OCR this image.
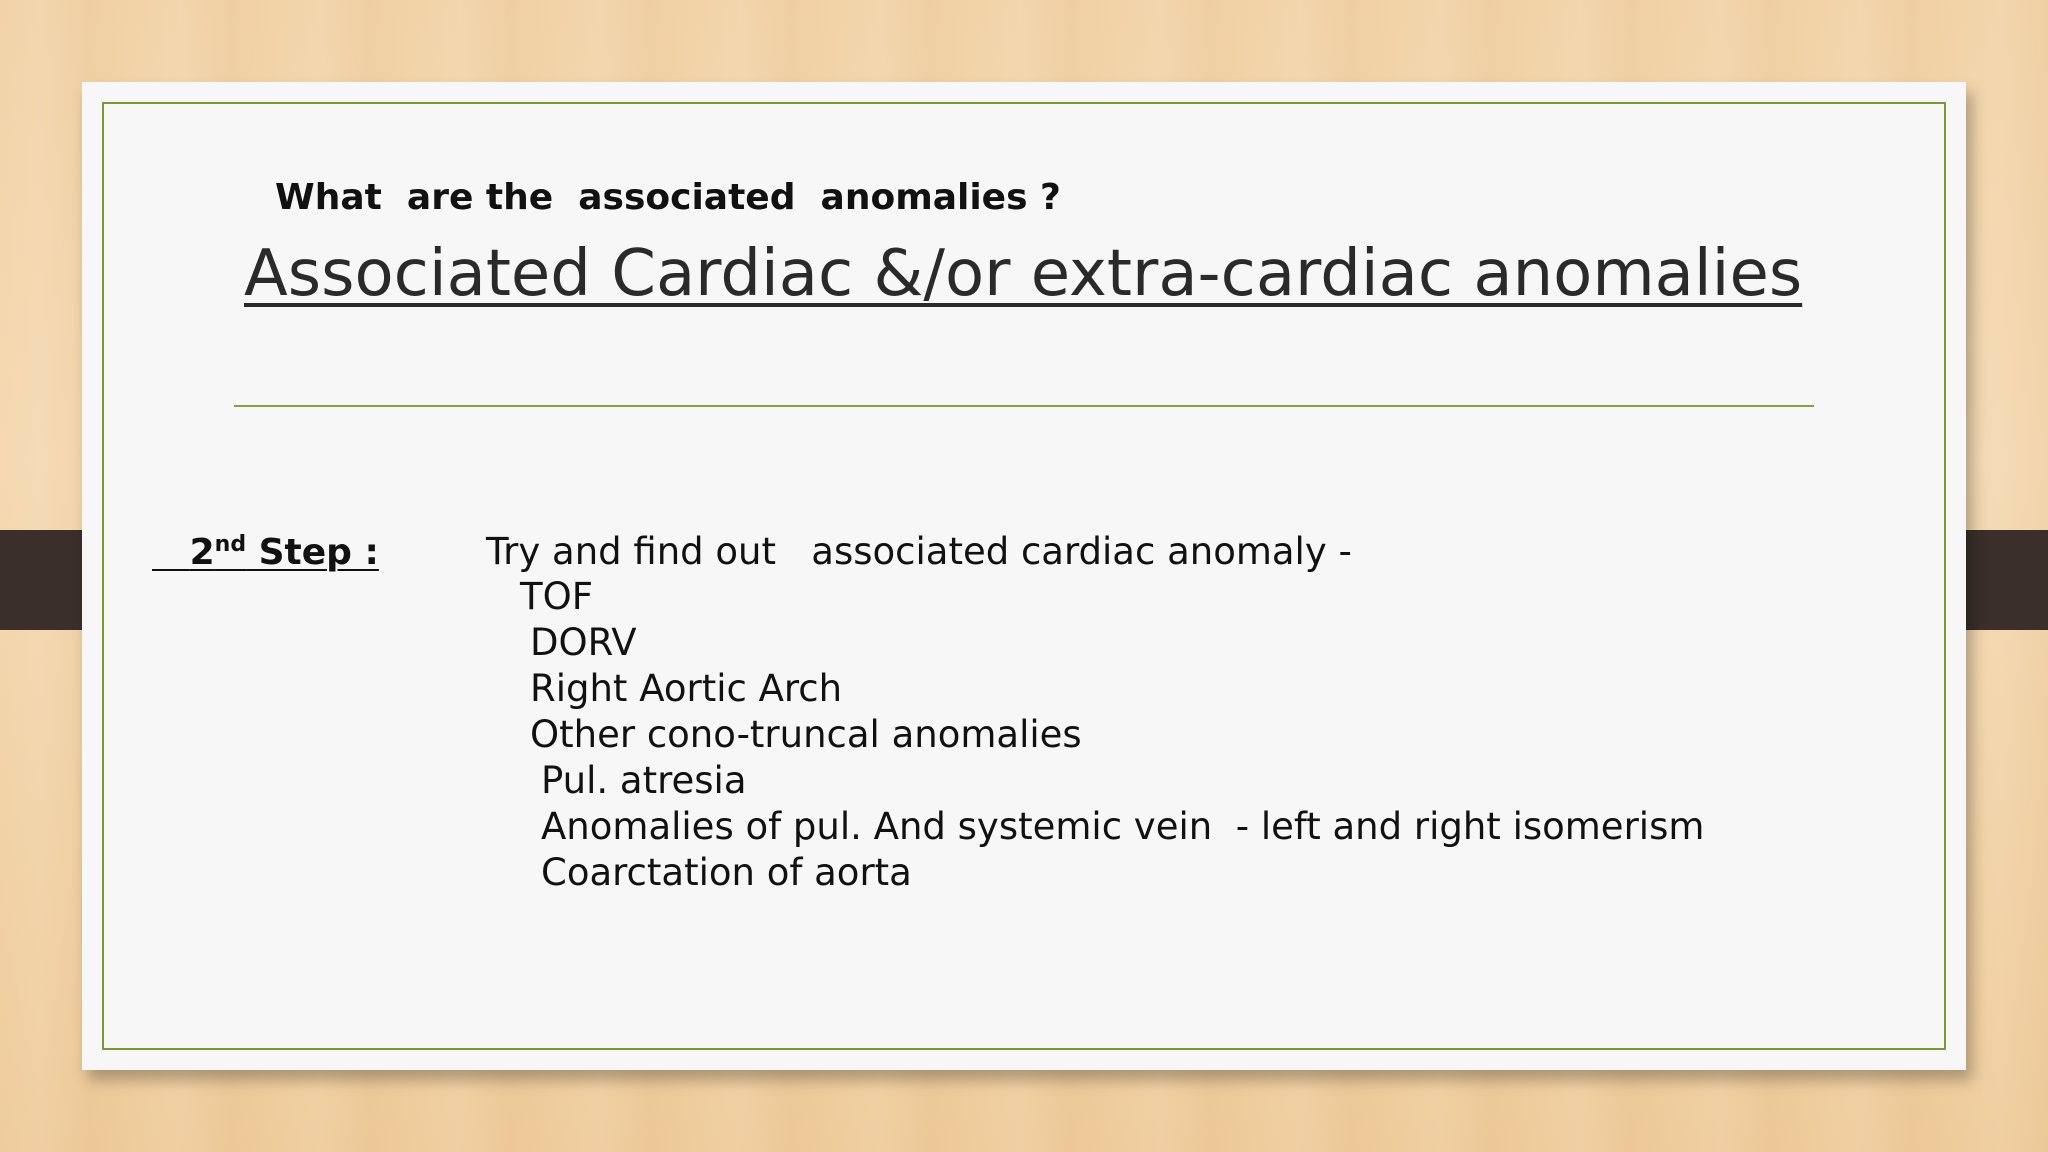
What  are the  associated  anomalies ?
Associated Cardiac &/or extra-cardiac anomalies
2nd Step :	Try and find out   associated cardiac anomaly -
TOF
DORV
Right Aortic Arch
Other cono-truncal anomalies
Pul. atresia
Anomalies of pul. And systemic vein  - left and right isomerism
Coarctation of aorta
